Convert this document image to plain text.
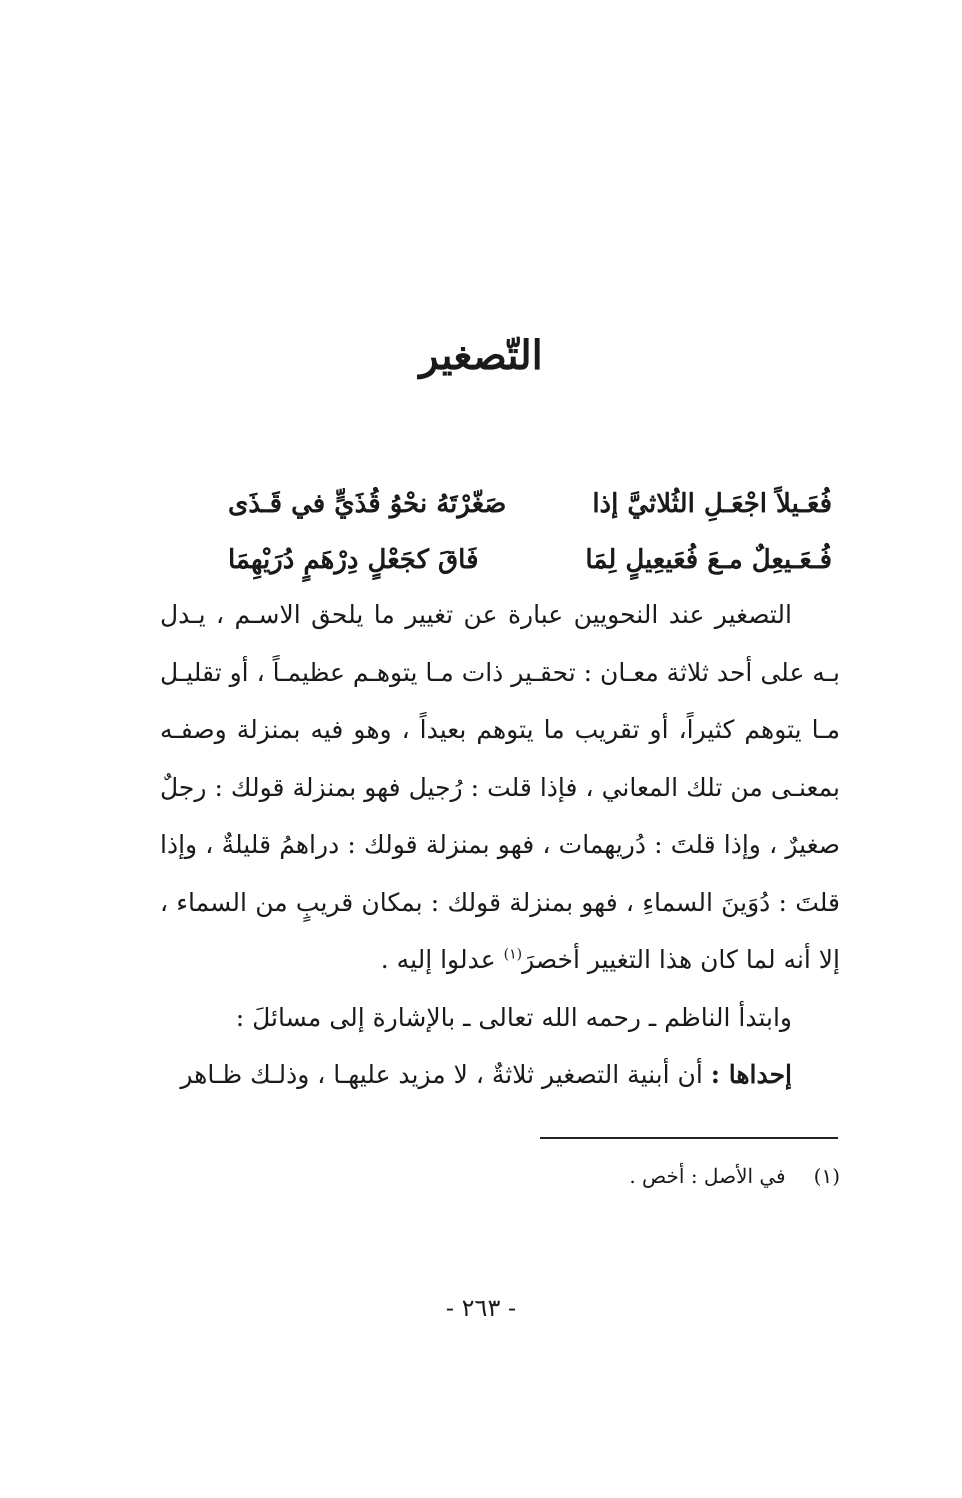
التّصغير
فُعَـيلاً اجْعَـلِ الثُلاثيَّ إذا
صَغّرْتَهُ نحْوُ قُذَيٍّ في قَـذَى
فُـعَـيعِلٌ مـعَ فُعَيعِيلٍ لِمَا
فَاقَ كجَعْلٍ دِرْهَمٍ دُرَيْهِمَا

التصغير عند النحويين عبارة عن تغيير ما يلحق الاسـم ، يـدل بـه على أحد ثلاثة معـان : تحقـير ذات مـا يتوهـم عظيمـاً ، أو تقليـل مـا يتوهم كثيراً، أو تقريب ما يتوهم بعيداً ، وهو فيه بمنزلة وصفـه بمعنـى من تلك المعاني ، فإذا قلت : رُجيل فهو بمنزلة قولك : رجلٌ صغيرٌ ، وإذا قلتَ : دُريهمات ، فهو بمنزلة قولك : دراهمُ قليلةٌ ، وإذا قلتَ : دُوَينَ السماءِ ، فهو بمنزلة قولك : بمكان قريبٍ من السماء ، إلا أنه لما كان هذا التغيير أخصرَ$^{(١)}$ عدلوا إليه .

وابتدأ الناظم ـ رحمه الله تعالى ـ بالإشارة إلى مسائلَ :

إحداها : أن أبنية التصغير ثلاثةٌ ، لا مزيد عليهـا ، وذلـك ظـاهر

(١)في الأصل : أخص .
- ٢٦٣ -
